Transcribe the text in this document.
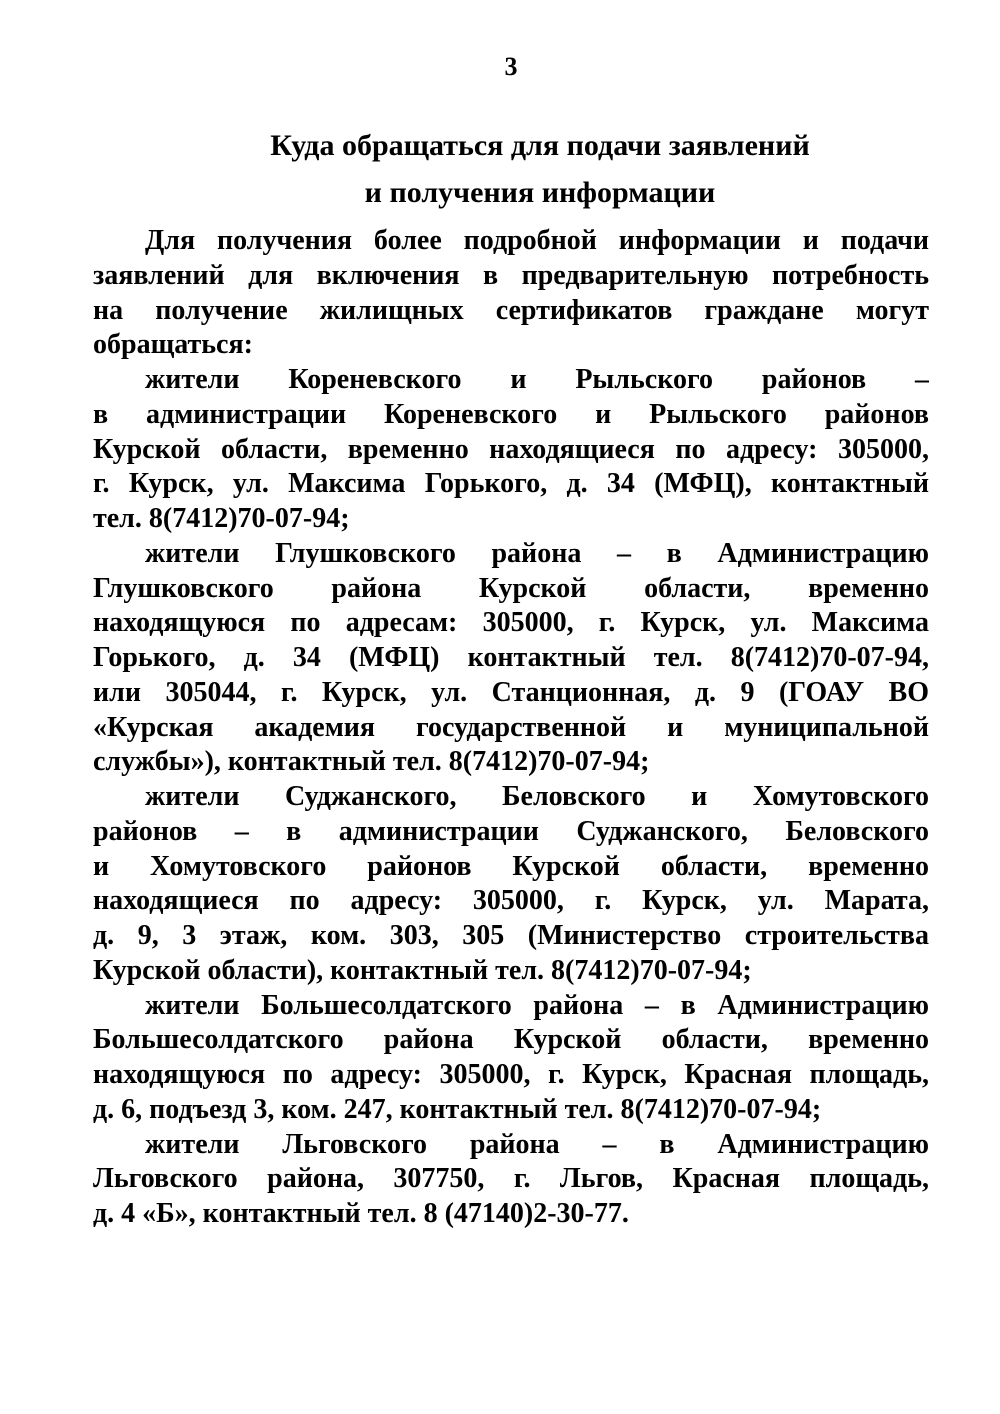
3
Куда обращаться для подачи заявлений
и получения информации
Для получения более подробной информации и подачи
заявлений для включения в предварительную потребность
на получение жилищных сертификатов граждане могут
обращаться:
жители Кореневского и Рыльского районов –
в администрации Кореневского и Рыльского районов
Курской области, временно находящиеся по адресу: 305000,
г. Курск, ул. Максима Горького, д. 34 (МФЦ), контактный
тел. 8(7412)70-07-94;
жители Глушковского района – в Администрацию
Глушковского района Курской области, временно
находящуюся по адресам: 305000, г. Курск, ул. Максима
Горького, д. 34 (МФЦ) контактный тел. 8(7412)70-07-94,
или 305044, г. Курск, ул. Станционная, д. 9 (ГОАУ ВО
«Курская академия государственной и муниципальной
службы»), контактный тел. 8(7412)70-07-94;
жители Суджанского, Беловского и Хомутовского
районов – в администрации Суджанского, Беловского
и Хомутовского районов Курской области, временно
находящиеся по адресу: 305000, г. Курск, ул. Марата,
д. 9, 3 этаж, ком. 303, 305 (Министерство строительства
Курской области), контактный тел. 8(7412)70-07-94;
жители Большесолдатского района – в Администрацию
Большесолдатского района Курской области, временно
находящуюся по адресу: 305000, г. Курск, Красная площадь,
д. 6, подъезд 3, ком. 247, контактный тел. 8(7412)70-07-94;
жители Льговского района – в Администрацию
Льговского района, 307750, г. Льгов, Красная площадь,
д. 4 «Б», контактный тел. 8 (47140)2-30-77.
